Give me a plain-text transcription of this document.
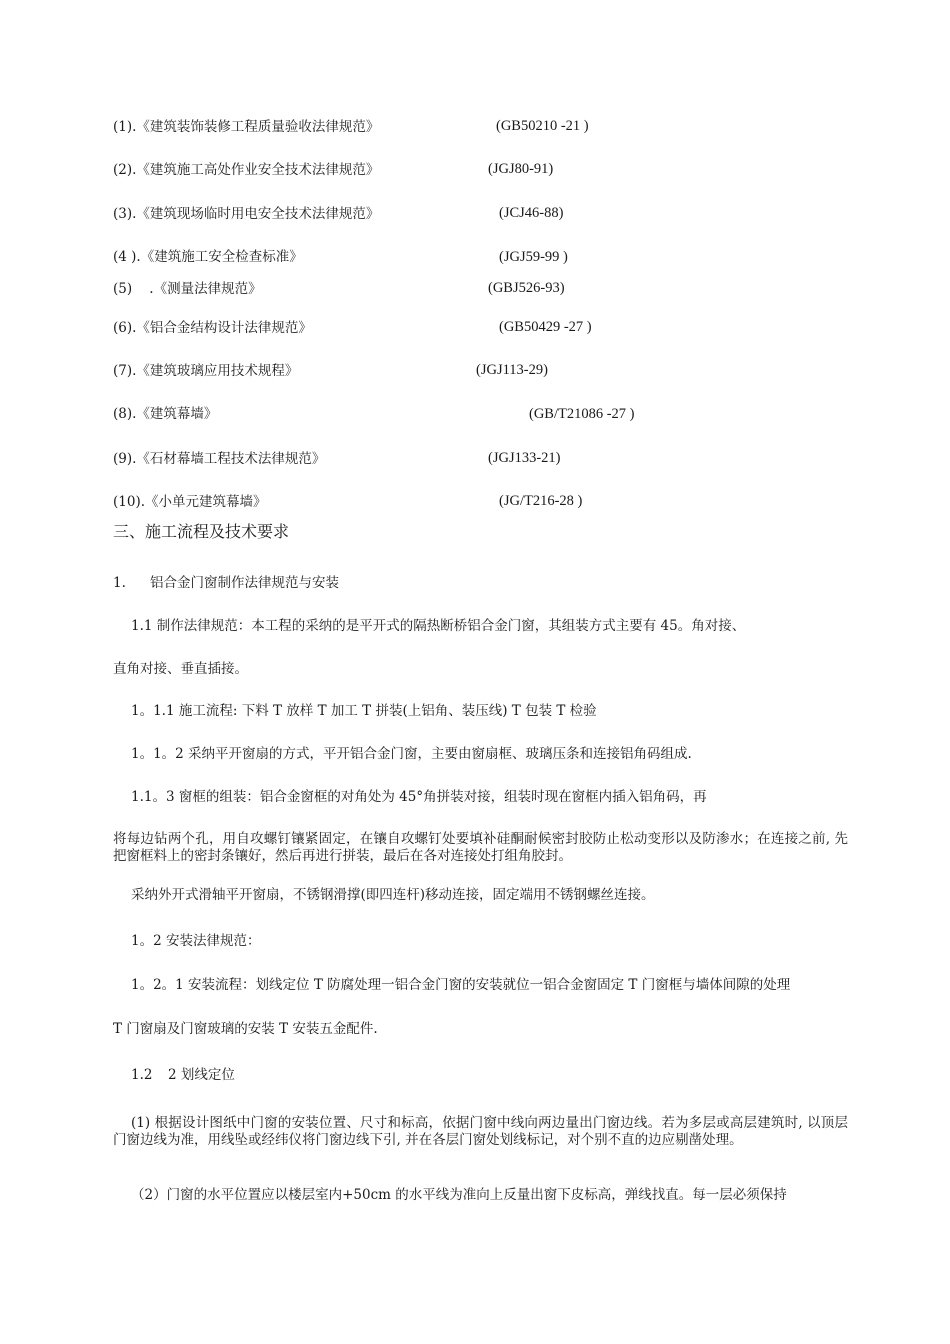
(1).《建筑装饰装修工程质量验收法律规范》	(GB50210 -21 )
(2).《建筑施工高处作业安全技术法律规范》	(JGJ80-91)
(3).《建筑现场临时用电安全技术法律规范》	(JCJ46-88)
(4 ).《建筑施工安全检查标准》	(JGJ59-99 )
(5)    .《测量法律规范》	(GBJ526-93)
(6).《铝合金结构设计法律规范》	(GB50429 -27 )
(7).《建筑玻璃应用技术规程》	(JGJ113-29)
(8).《建筑幕墙》	(GB/T21086 -27 )
(9).《石材幕墙工程技术法律规范》	(JGJ133-21)
(10).《小单元建筑幕墙》	(JG/T216-28 )
三、施工流程及技术要求
1. 铝合金门窗制作法律规范与安装
1.1 制作法律规范：本工程的采纳的是平开式的隔热断桥铝合金门窗，其组装方式主要有 45。角对接、
直角对接、垂直插接。
1。1.1 施工流程: 下料 T 放样 T 加工 T 拼装(上铝角、装压线) T 包装 T 检验
1。1。2 采纳平开窗扇的方式，平开铝合金门窗，主要由窗扇框、玻璃压条和连接铝角码组成.
1.1。3 窗框的组装：铝合金窗框的对角处为 45°角拼装对接，组装时现在窗框内插入铝角码，再
将每边钻两个孔，用自攻螺钉镶紧固定，在镶自攻螺钉处要填补硅酮耐候密封胶防止松动变形以及防渗水；在连接之前, 先把窗框料上的密封条镶好，然后再进行拼装，最后在各对连接处打组角胶封。
采纳外开式滑轴平开窗扇，不锈钢滑撑(即四连杆)移动连接，固定端用不锈钢螺丝连接。
1。2 安装法律规范：
1。2。1 安装流程：划线定位 T 防腐处理一铝合金门窗的安装就位一铝合金窗固定 T 门窗框与墙体间隙的处理
T 门窗扇及门窗玻璃的安装 T 安装五金配件.
1.2 2 划线定位
(1) 根据设计图纸中门窗的安装位置、尺寸和标高，依据门窗中线向两边量出门窗边线。若为多层或高层建筑时, 以顶层门窗边线为准，用线坠或经纬仪将门窗边线下引, 并在各层门窗处划线标记，对个别不直的边应剔凿处理。
（2）门窗的水平位置应以楼层室内+50cm 的水平线为准向上反量出窗下皮标高，弹线找直。每一层必须保持
